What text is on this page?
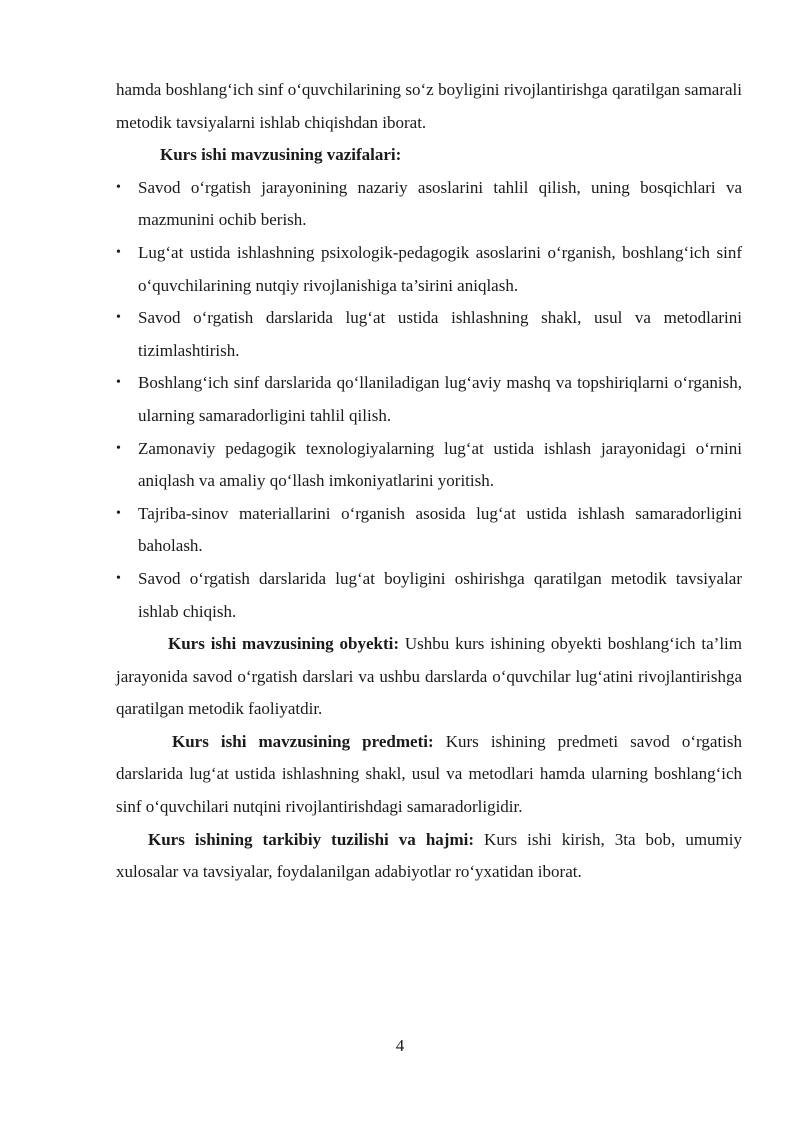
hamda boshlang‘ich sinf o‘quvchilarining so‘z boyligini rivojlantirishga qaratilgan samarali metodik tavsiyalarni ishlab chiqishdan iborat.

Kurs ishi mavzusining vazifalari:

• Savod o‘rgatish jarayonining nazariy asoslarini tahlil qilish, uning bosqichlari va mazmunini ochib berish.
• Lug‘at ustida ishlashning psixologik-pedagogik asoslarini o‘rganish, boshlang‘ich sinf o‘quvchilarining nutqiy rivojlanishiga ta’sirini aniqlash.
• Savod o‘rgatish darslarida lug‘at ustida ishlashning shakl, usul va metodlarini tizimlashtirish.
• Boshlang‘ich sinf darslarida qo‘llaniladigan lug‘aviy mashq va topshiriqlarni o‘rganish, ularning samaradorligini tahlil qilish.
• Zamonaviy pedagogik texnologiyalarning lug‘at ustida ishlash jarayonidagi o‘rnini aniqlash va amaliy qo‘llash imkoniyatlarini yoritish.
• Tajriba-sinov materiallarini o‘rganish asosida lug‘at ustida ishlash samaradorligini baholash.
• Savod o‘rgatish darslarida lug‘at boyligini oshirishga qaratilgan metodik tavsiyalar ishlab chiqish.

Kurs ishi mavzusining obyekti: Ushbu kurs ishining obyekti boshlang‘ich ta’lim jarayonida savod o‘rgatish darslari va ushbu darslarda o‘quvchilar lug‘atini rivojlantirishga qaratilgan metodik faoliyatdir.

Kurs ishi mavzusining predmeti: Kurs ishining predmeti savod o‘rgatish darslarida lug‘at ustida ishlashning shakl, usul va metodlari hamda ularning boshlang‘ich sinf o‘quvchilari nutqini rivojlantirishdagi samaradorligidir.

Kurs ishining tarkibiy tuzilishi va hajmi: Kurs ishi kirish, 3ta bob, umumiy xulosalar va tavsiyalar, foydalanilgan adabiyotlar ro‘yxatidan iborat.

4
